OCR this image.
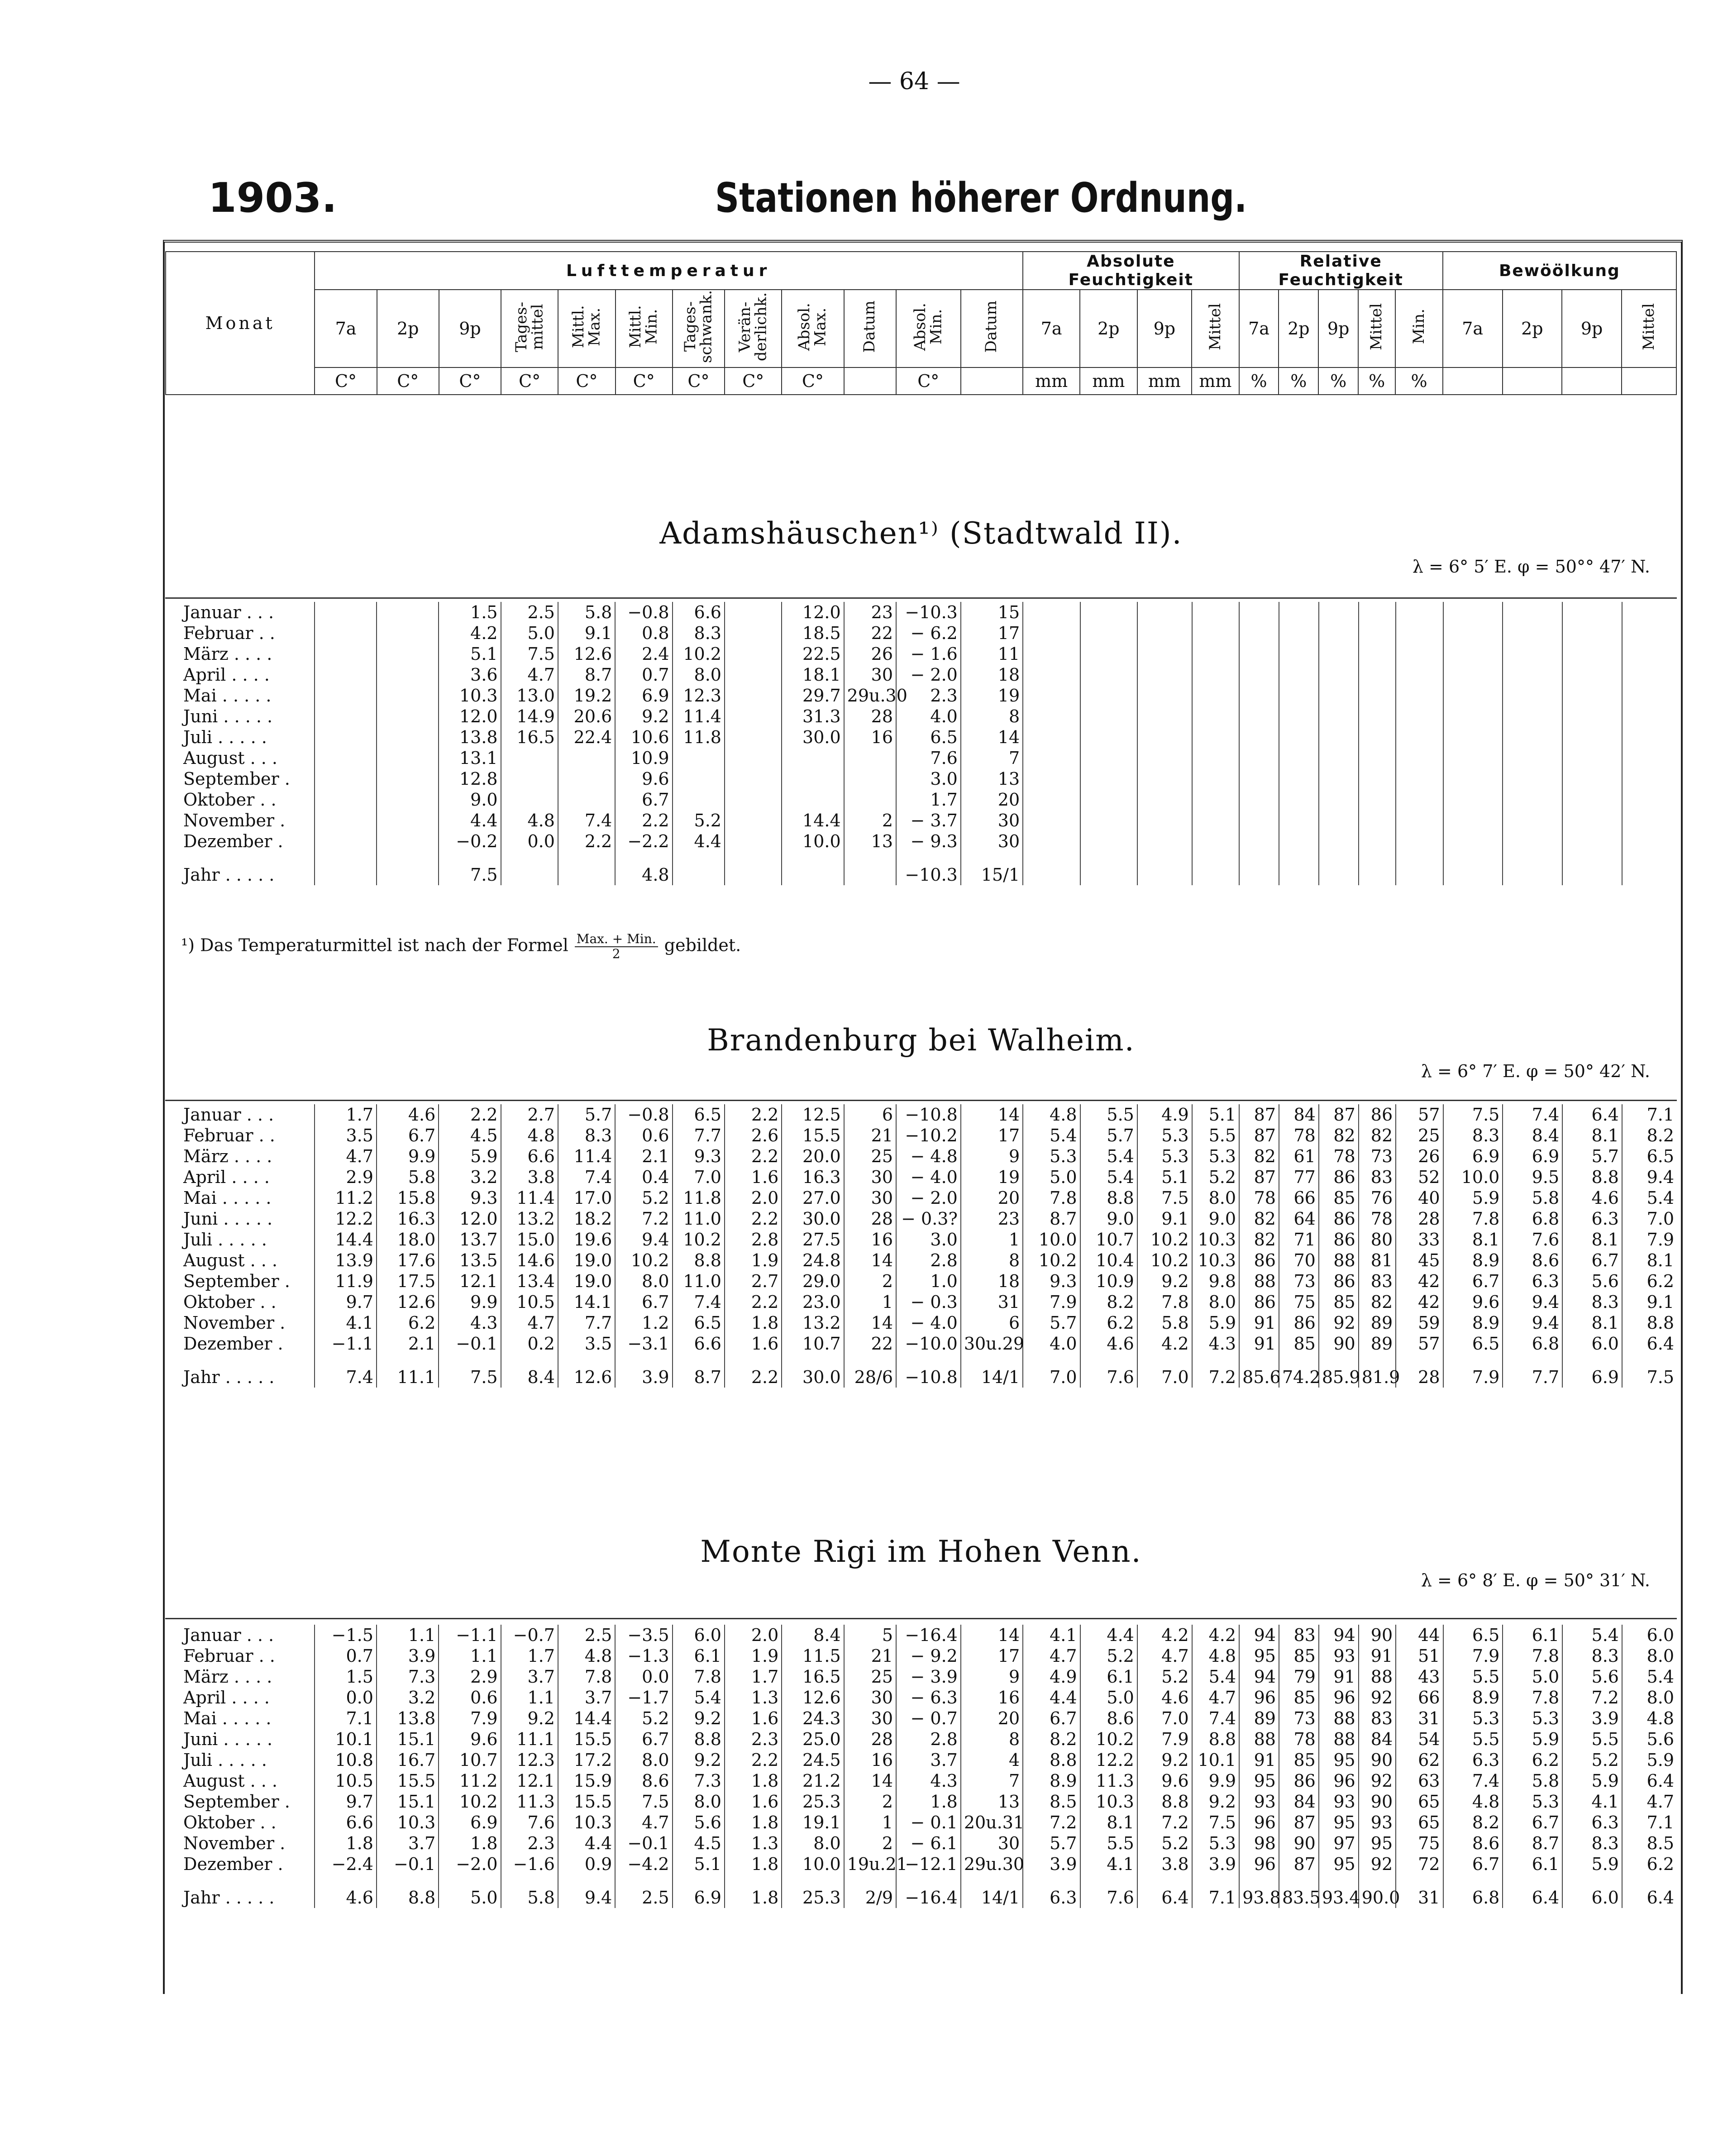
— 64 —
1903.	Stationen höherer Ordnung.
Monat	Lufttemperatur												Absolute Feuchtigkeit				Relative Feuchtigkeit					Bewöölkung			
	7a	2p	9p	Tages-mittel	Mittl. Max.	Mittl. Min.	Tages-schwank.	Verän-derlichk.	Absol. Max.	Datum	Absol. Min.	Datum	7a	2p	9p	Mittel	7a	2p	9p	Mittel	Min.	7a	2p	9p	Mittel
	C°	C°	C°	C°	C°	C°	C°	C°	C°		C°		mm	mm	mm	mm	%	%	%	%	%				
Adamshäuschen¹⁾ (Stadtwald II).
λ = 6° 5′ E. φ = 50°° 47′ N.
Januar . . .			1.5	2.5	5.8	−0.8	6.6		12.0	23	−10.3	15													
Februar . .			4.2	5.0	9.1	0.8	8.3		18.5	22	− 6.2	17													
März . . . .			5.1	7.5	12.6	2.4	10.2		22.5	26	− 1.6	11													
April . . . .			3.6	4.7	8.7	0.7	8.0		18.1	30	− 2.0	18													
Mai . . . . .			10.3	13.0	19.2	6.9	12.3		29.7	29u.30	2.3	19													
Juni . . . . .			12.0	14.9	20.6	9.2	11.4		31.3	28	4.0	8													
Juli . . . . .			13.8	16.5	22.4	10.6	11.8		30.0	16	6.5	14													
August . . .			13.1			10.9					7.6	7													
September .			12.8			9.6					3.0	13													
Oktober . .			9.0			6.7					1.7	20													
November .			4.4	4.8	7.4	2.2	5.2		14.4	2	− 3.7	30													
Dezember .			−0.2	0.0	2.2	−2.2	4.4		10.0	13	− 9.3	30													
Jahr . . . . .			7.5			4.8					−10.3	15/1													
¹) Das Temperaturmittel ist nach der Formel $\frac{\text{Max. + Min.}}{2}$ gebildet.
Brandenburg bei Walheim.
λ = 6° 7′ E. φ = 50° 42′ N.
Januar . . .	1.7	4.6	2.2	2.7	5.7	−0.8	6.5	2.2	12.5	6	−10.8	14	4.8	5.5	4.9	5.1	87	84	87	86	57	7.5	7.4	6.4	7.1
Februar . .	3.5	6.7	4.5	4.8	8.3	0.6	7.7	2.6	15.5	21	−10.2	17	5.4	5.7	5.3	5.5	87	78	82	82	25	8.3	8.4	8.1	8.2
März . . . .	4.7	9.9	5.9	6.6	11.4	2.1	9.3	2.2	20.0	25	− 4.8	9	5.3	5.4	5.3	5.3	82	61	78	73	26	6.9	6.9	5.7	6.5
April . . . .	2.9	5.8	3.2	3.8	7.4	0.4	7.0	1.6	16.3	30	− 4.0	19	5.0	5.4	5.1	5.2	87	77	86	83	52	10.0	9.5	8.8	9.4
Mai . . . . .	11.2	15.8	9.3	11.4	17.0	5.2	11.8	2.0	27.0	30	− 2.0	20	7.8	8.8	7.5	8.0	78	66	85	76	40	5.9	5.8	4.6	5.4
Juni . . . . .	12.2	16.3	12.0	13.2	18.2	7.2	11.0	2.2	30.0	28	− 0.3?	23	8.7	9.0	9.1	9.0	82	64	86	78	28	7.8	6.8	6.3	7.0
Juli . . . . .	14.4	18.0	13.7	15.0	19.6	9.4	10.2	2.8	27.5	16	3.0	1	10.0	10.7	10.2	10.3	82	71	86	80	33	8.1	7.6	8.1	7.9
August . . .	13.9	17.6	13.5	14.6	19.0	10.2	8.8	1.9	24.8	14	2.8	8	10.2	10.4	10.2	10.3	86	70	88	81	45	8.9	8.6	6.7	8.1
September .	11.9	17.5	12.1	13.4	19.0	8.0	11.0	2.7	29.0	2	1.0	18	9.3	10.9	9.2	9.8	88	73	86	83	42	6.7	6.3	5.6	6.2
Oktober . .	9.7	12.6	9.9	10.5	14.1	6.7	7.4	2.2	23.0	1	− 0.3	31	7.9	8.2	7.8	8.0	86	75	85	82	42	9.6	9.4	8.3	9.1
November .	4.1	6.2	4.3	4.7	7.7	1.2	6.5	1.8	13.2	14	− 4.0	6	5.7	6.2	5.8	5.9	91	86	92	89	59	8.9	9.4	8.1	8.8
Dezember .	−1.1	2.1	−0.1	0.2	3.5	−3.1	6.6	1.6	10.7	22	−10.0	30u.29	4.0	4.6	4.2	4.3	91	85	90	89	57	6.5	6.8	6.0	6.4
Jahr . . . . .	7.4	11.1	7.5	8.4	12.6	3.9	8.7	2.2	30.0	28/6	−10.8	14/1	7.0	7.6	7.0	7.2	85.6	74.2	85.9	81.9	28	7.9	7.7	6.9	7.5
Monte Rigi im Hohen Venn.
λ = 6° 8′ E. φ = 50° 31′ N.
Januar . . .	−1.5	1.1	−1.1	−0.7	2.5	−3.5	6.0	2.0	8.4	5	−16.4	14	4.1	4.4	4.2	4.2	94	83	94	90	44	6.5	6.1	5.4	6.0
Februar . .	0.7	3.9	1.1	1.7	4.8	−1.3	6.1	1.9	11.5	21	− 9.2	17	4.7	5.2	4.7	4.8	95	85	93	91	51	7.9	7.8	8.3	8.0
März . . . .	1.5	7.3	2.9	3.7	7.8	0.0	7.8	1.7	16.5	25	− 3.9	9	4.9	6.1	5.2	5.4	94	79	91	88	43	5.5	5.0	5.6	5.4
April . . . .	0.0	3.2	0.6	1.1	3.7	−1.7	5.4	1.3	12.6	30	− 6.3	16	4.4	5.0	4.6	4.7	96	85	96	92	66	8.9	7.8	7.2	8.0
Mai . . . . .	7.1	13.8	7.9	9.2	14.4	5.2	9.2	1.6	24.3	30	− 0.7	20	6.7	8.6	7.0	7.4	89	73	88	83	31	5.3	5.3	3.9	4.8
Juni . . . . .	10.1	15.1	9.6	11.1	15.5	6.7	8.8	2.3	25.0	28	2.8	8	8.2	10.2	7.9	8.8	88	78	88	84	54	5.5	5.9	5.5	5.6
Juli . . . . .	10.8	16.7	10.7	12.3	17.2	8.0	9.2	2.2	24.5	16	3.7	4	8.8	12.2	9.2	10.1	91	85	95	90	62	6.3	6.2	5.2	5.9
August . . .	10.5	15.5	11.2	12.1	15.9	8.6	7.3	1.8	21.2	14	4.3	7	8.9	11.3	9.6	9.9	95	86	96	92	63	7.4	5.8	5.9	6.4
September .	9.7	15.1	10.2	11.3	15.5	7.5	8.0	1.6	25.3	2	1.8	13	8.5	10.3	8.8	9.2	93	84	93	90	65	4.8	5.3	4.1	4.7
Oktober . .	6.6	10.3	6.9	7.6	10.3	4.7	5.6	1.8	19.1	1	− 0.1	20u.31	7.2	8.1	7.2	7.5	96	87	95	93	65	8.2	6.7	6.3	7.1
November .	1.8	3.7	1.8	2.3	4.4	−0.1	4.5	1.3	8.0	2	− 6.1	30	5.7	5.5	5.2	5.3	98	90	97	95	75	8.6	8.7	8.3	8.5
Dezember .	−2.4	−0.1	−2.0	−1.6	0.9	−4.2	5.1	1.8	10.0	19u.21	−12.1	29u.30	3.9	4.1	3.8	3.9	96	87	95	92	72	6.7	6.1	5.9	6.2
Jahr . . . . .	4.6	8.8	5.0	5.8	9.4	2.5	6.9	1.8	25.3	2/9	−16.4	14/1	6.3	7.6	6.4	7.1	93.8	83.5	93.4	90.0	31	6.8	6.4	6.0	6.4
